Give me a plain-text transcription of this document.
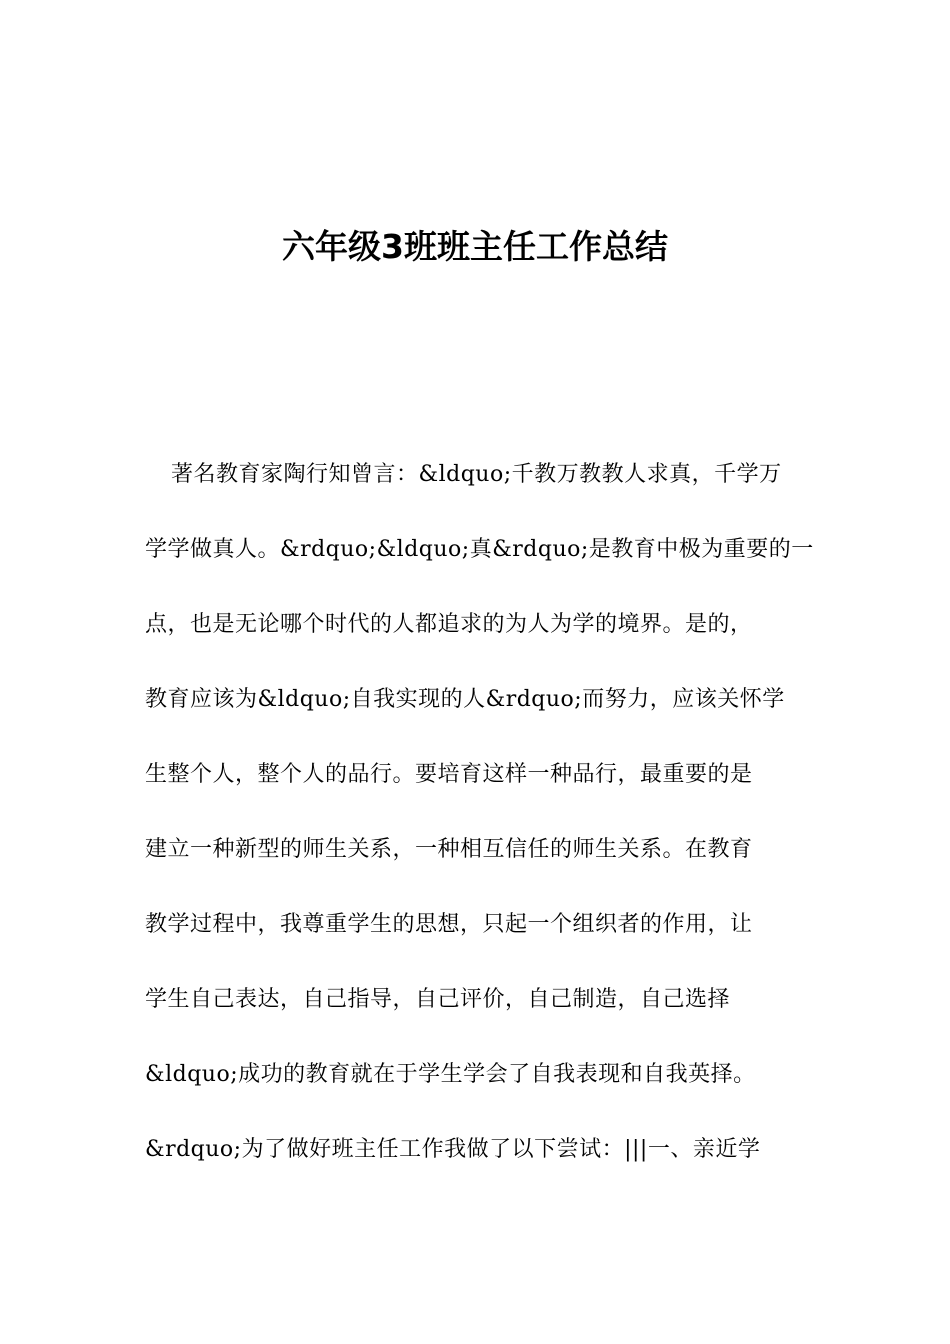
六年级3班班主任工作总结

著名教育家陶行知曾言：&ldquo;千教万教教人求真，千学万

学学做真人。&rdquo;&ldquo;真&rdquo;是教育中极为重要的一

点，也是无论哪个时代的人都追求的为人为学的境界。是的，

教育应该为&ldquo;自我实现的人&rdquo;而努力，应该关怀学

生整个人，整个人的品行。要培育这样一种品行，最重要的是

建立一种新型的师生关系，一种相互信任的师生关系。在教育

教学过程中，我尊重学生的思想，只起一个组织者的作用，让

学生自己表达，自己指导，自己评价，自己制造，自己选择

&ldquo;成功的教育就在于学生学会了自我表现和自我英择。

&rdquo;为了做好班主任工作我做了以下尝试：|||一、亲近学
